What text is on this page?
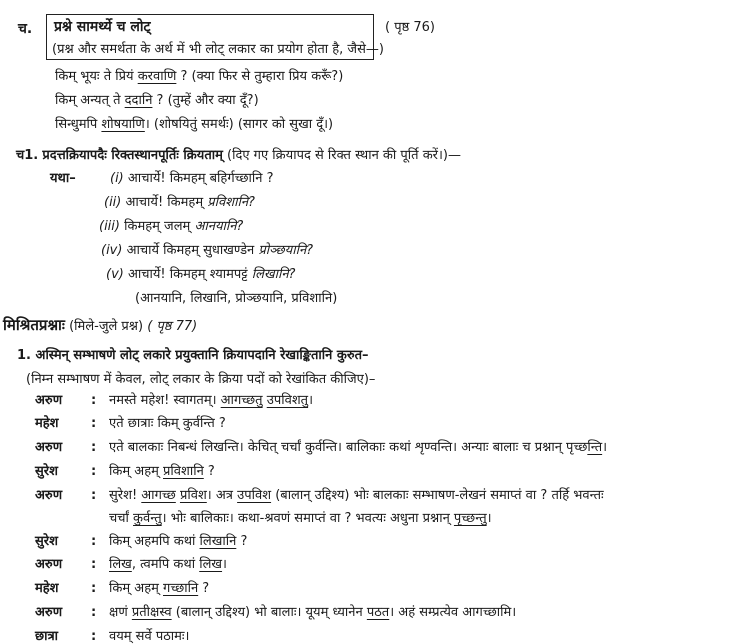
च. प्रश्ने सामर्थ्ये च लोट्
(प्रश्न और समर्थता के अर्थ में भी लोट् लकार का प्रयोग होता है, जैसे—)
( पृष्ठ 76)
किम् भूयः ते प्रियं करवाणि ? (क्या फिर से तुम्हारा प्रिय करूँ?)
किम् अन्यत् ते ददानि ? (तुम्हें और क्या दूँ?)
सिन्धुमपि शोषयाणि। (शोषयितुं समर्थः) (सागर को सुखा दूँ।)
च1. प्रदत्तक्रियापदैः रिक्तस्थानपूर्तिः क्रियताम् (दिए गए क्रियापद से रिक्त स्थान की पूर्ति करें।)—
यथा–	(i) आचार्ये! किमहम् बहिर्गच्छानि ?
(ii) आचार्ये! किमहम् प्रविशानि?
(iii) किमहम् जलम् आनयानि?
(iv) आचार्ये किमहम् सुधाखण्डेन प्रोञ्छयानि?
(v) आचार्ये! किमहम् श्यामपट्टं लिखानि?
(आनयानि, लिखानि, प्रोञ्छयानि, प्रविशानि)
मिश्रितप्रश्नाः (मिले-जुले प्रश्न) ( पृष्ठ 77)
1. अस्मिन् सम्भाषणे लोट् लकारे प्रयुक्तानि क्रियापदानि रेखाङ्कितानि कुरुत–
(निम्न सम्भाषण में केवल, लोट् लकार के क्रिया पदों को रेखांकित कीजिए)–
अरुण : नमस्ते महेश! स्वागतम्। आगच्छतु उपविशतु।
महेश : एते छात्राः किम् कुर्वन्ति ?
अरुण : एते बालकाः निबन्धं लिखन्ति। केचित् चर्चां कुर्वन्ति। बालिकाः कथां शृण्वन्ति। अन्याः बालाः च प्रश्नान् पृच्छन्ति।
सुरेश	: किम् अहम् प्रविशानि ?
अरुण : सुरेश! आगच्छ प्रविश। अत्र उपविश (बालान् उद्दिश्य) भोः बालकाः सम्भाषण-लेखनं समाप्तं वा ? तर्हि भवन्तः
चर्चां कुर्वन्तु। भोः बालिकाः। कथा-श्रवणं समाप्तं वा ? भवत्यः अधुना प्रश्नान् पृच्छन्तु।
सुरेश	: किम् अहमपि कथां लिखानि ?
अरुण : लिख, त्वमपि कथां लिख।
महेश : किम् अहम् गच्छानि ?
अरुण : क्षणं प्रतीक्षस्व (बालान् उद्दिश्य) भो बालाः। यूयम् ध्यानेन पठत। अहं सम्प्रत्येव आगच्छामि।
छात्रा	: वयम् सर्वे पठामः।
